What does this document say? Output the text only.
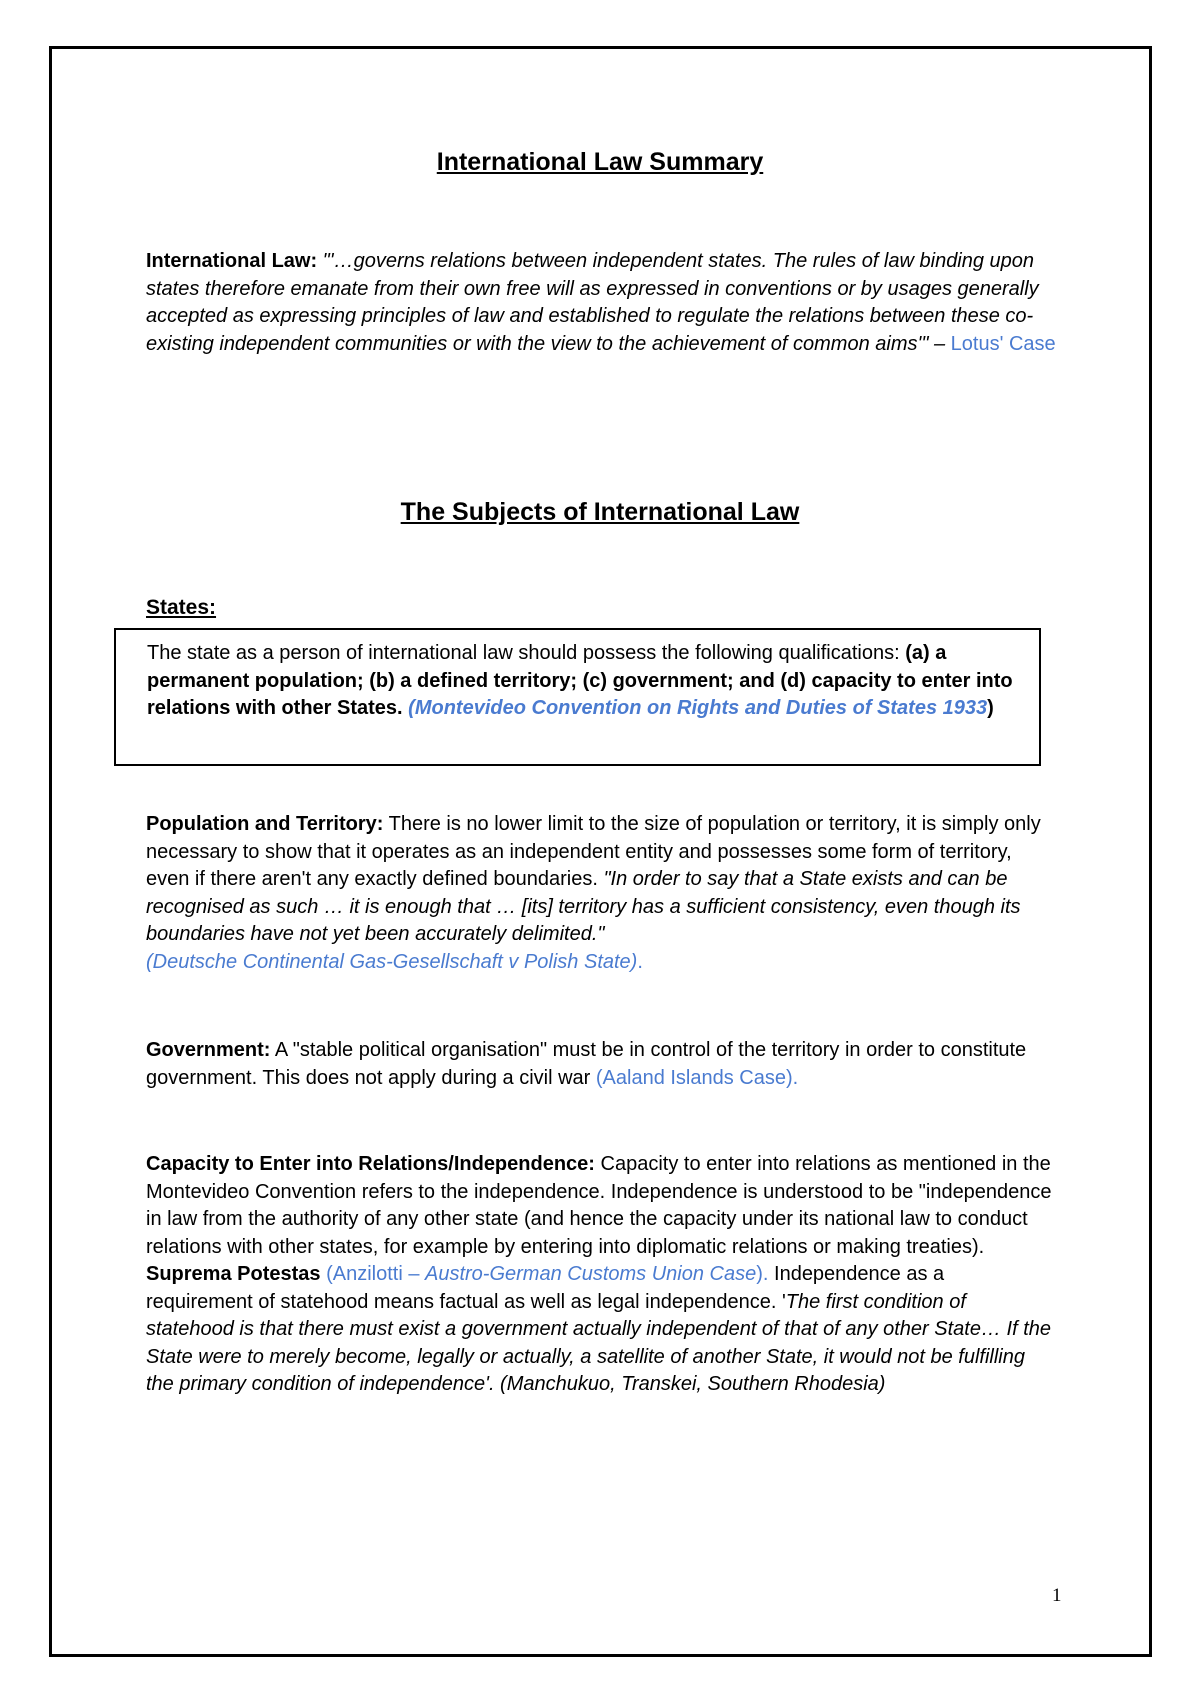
International Law Summary
International Law: "'…governs relations between independent states. The rules of law binding upon states therefore emanate from their own free will as expressed in conventions or by usages generally accepted as expressing principles of law and established to regulate the relations between these co-existing independent communities or with the view to the achievement of common aims'" – Lotus' Case
The Subjects of International Law
States:
The state as a person of international law should possess the following qualifications: (a) a permanent population; (b) a defined territory; (c) government; and (d) capacity to enter into relations with other States. (Montevideo Convention on Rights and Duties of States 1933)
Population and Territory: There is no lower limit to the size of population or territory, it is simply only necessary to show that it operates as an independent entity and possesses some form of territory, even if there aren't any exactly defined boundaries. "In order to say that a State exists and can be recognised as such … it is enough that … [its] territory has a sufficient consistency, even though its boundaries have not yet been accurately delimited."
(Deutsche Continental Gas-Gesellschaft v Polish State).
Government: A "stable political organisation" must be in control of the territory in order to constitute government. This does not apply during a civil war (Aaland Islands Case).
Capacity to Enter into Relations/Independence: Capacity to enter into relations as mentioned in the Montevideo Convention refers to the independence. Independence is understood to be "independence in law from the authority of any other state (and hence the capacity under its national law to conduct relations with other states, for example by entering into diplomatic relations or making treaties). Suprema Potestas (Anzilotti – Austro-German Customs Union Case). Independence as a requirement of statehood means factual as well as legal independence. 'The first condition of statehood is that there must exist a government actually independent of that of any other State… If the State were to merely become, legally or actually, a satellite of another State, it would not be fulfilling the primary condition of independence'. (Manchukuo, Transkei, Southern Rhodesia)
1
